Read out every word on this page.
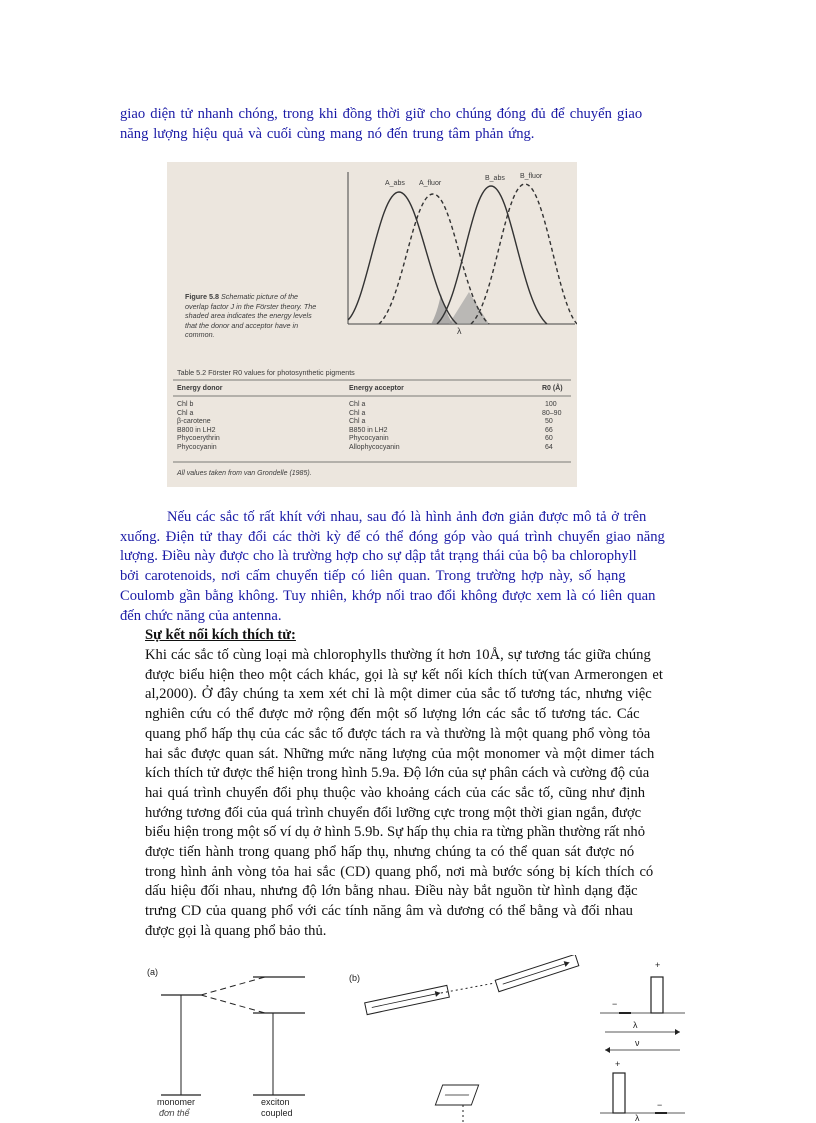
giao diện tử nhanh chóng, trong khi đồng thời giữ cho chúng đóng đủ để chuyển giao
năng lượng hiệu quả và cuối cùng mang nó đến trung tâm phản ứng.
A_abs A_fluor
B_abs B_fluor
λ
Figure 5.8 Schematic picture of the
overlap factor J in the Förster theory. The
shaded area indicates the energy levels
that the donor and acceptor have in
common.
Table 5.2 Förster R0 values for photosynthetic pigments
Energy donor	Energy acceptor	R0 (Å)
Chl b	Chl a	100
Chl a	Chl a	80–90
β-carotene	Chl a	50
B800 in LH2	B850 in LH2	66
Phycoerythrin	Phycocyanin	60
Phycocyanin	Allophycocyanin	64
All values taken from van Grondelle (1985).
Nếu các sắc tố rất khít với nhau, sau đó là hình ảnh đơn giản được mô tả ở trên
xuống. Điện tử thay đổi các thời kỳ để có thể đóng góp vào quá trình chuyển giao năng
lượng. Điều này được cho là trường hợp cho sự dập tắt trạng thái của bộ ba chlorophyll
bởi carotenoids, nơi cấm chuyển tiếp có liên quan. Trong trường hợp này, số hạng
Coulomb gần bằng không. Tuy nhiên, khớp nối trao đổi không được xem là có liên quan
đến chức năng của antenna.
Sự kết nối kích thích tử:
Khi các sắc tố cùng loại mà chlorophylls thường ít hơn 10Å, sự tương tác giữa chúng
được biểu hiện theo một cách khác, gọi là sự kết nối kích thích tử(van Armerongen et
al,2000). Ở đây chúng ta xem xét chỉ là một dimer của sắc tố tương tác, nhưng việc
nghiên cứu có thể được mở rộng đến một số lượng lớn các sắc tố tương tác. Các
quang phổ hấp thụ của các sắc tố được tách ra và thường là một quang phổ vòng tỏa
hai sắc được quan sát. Những mức năng lượng của một monomer và một dimer tách
kích thích tử được thể hiện trong hình 5.9a. Độ lớn của sự phân cách và cường độ của
hai quá trình chuyển đổi phụ thuộc vào khoảng cách của các sắc tố, cũng như định
hướng tương đối của quá trình chuyển đổi lưỡng cực trong một thời gian ngắn, được
biểu hiện trong một số ví dụ ở hình 5.9b. Sự hấp thụ chia ra từng phần thường rất nhỏ
được tiến hành trong quang phổ hấp thụ, nhưng chúng ta có thể quan sát được nó
trong hình ảnh vòng tỏa hai sắc (CD) quang phổ, nơi mà bước sóng bị kích thích có
dấu hiệu đối nhau, nhưng độ lớn bằng nhau. Điều này bắt nguồn từ hình dạng đặc
trưng CD của quang phổ với các tính năng âm và dương có thể bằng và đối nhau
được gọi là quang phổ bảo thủ.
(a)
(b)
monomer
đơn thể
exciton
coupled
+
−
λ
ν
+
−
λ
